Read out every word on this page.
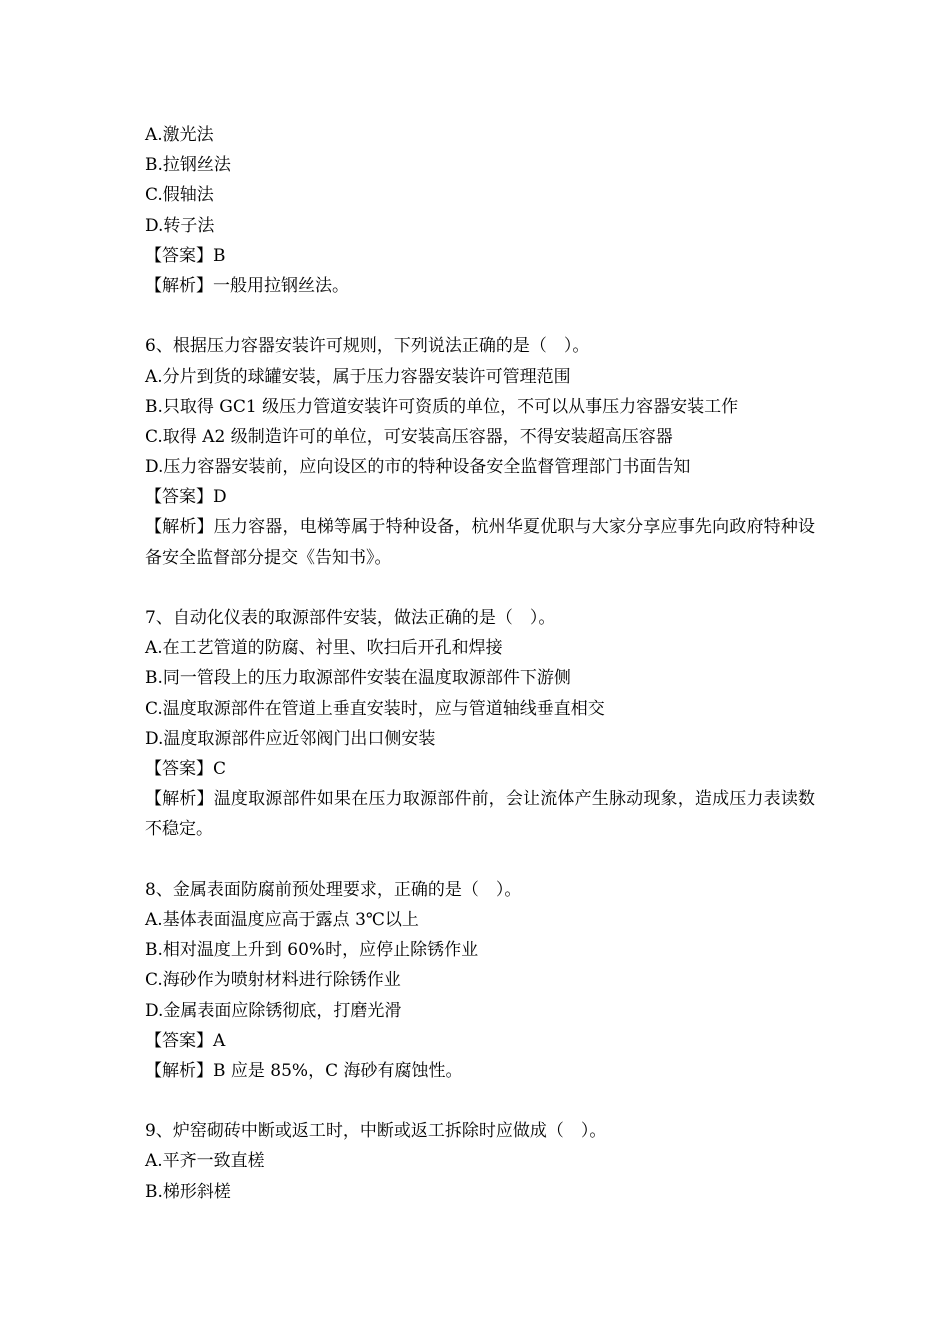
A.激光法
B.拉钢丝法
C.假轴法
D.转子法
【答案】B
【解析】一般用拉钢丝法。
6、根据压力容器安装许可规则，下列说法正确的是（　）。
A.分片到货的球罐安装，属于压力容器安装许可管理范围
B.只取得 GC1 级压力管道安装许可资质的单位，不可以从事压力容器安装工作
C.取得 A2 级制造许可的单位，可安装高压容器，不得安装超高压容器
D.压力容器安装前，应向设区的市的特种设备安全监督管理部门书面告知
【答案】D
【解析】压力容器，电梯等属于特种设备，杭州华夏优职与大家分享应事先向政府特种设备安全监督部分提交《告知书》。
7、自动化仪表的取源部件安装，做法正确的是（　）。
A.在工艺管道的防腐、衬里、吹扫后开孔和焊接
B.同一管段上的压力取源部件安装在温度取源部件下游侧
C.温度取源部件在管道上垂直安装时，应与管道轴线垂直相交
D.温度取源部件应近邻阀门出口侧安装
【答案】C
【解析】温度取源部件如果在压力取源部件前，会让流体产生脉动现象，造成压力表读数不稳定。
8、金属表面防腐前预处理要求，正确的是（　）。
A.基体表面温度应高于露点 3℃以上
B.相对温度上升到 60%时，应停止除锈作业
C.海砂作为喷射材料进行除锈作业
D.金属表面应除锈彻底，打磨光滑
【答案】A
【解析】B 应是 85%，C 海砂有腐蚀性。
9、炉窑砌砖中断或返工时，中断或返工拆除时应做成（　）。
A.平齐一致直槎
B.梯形斜槎
